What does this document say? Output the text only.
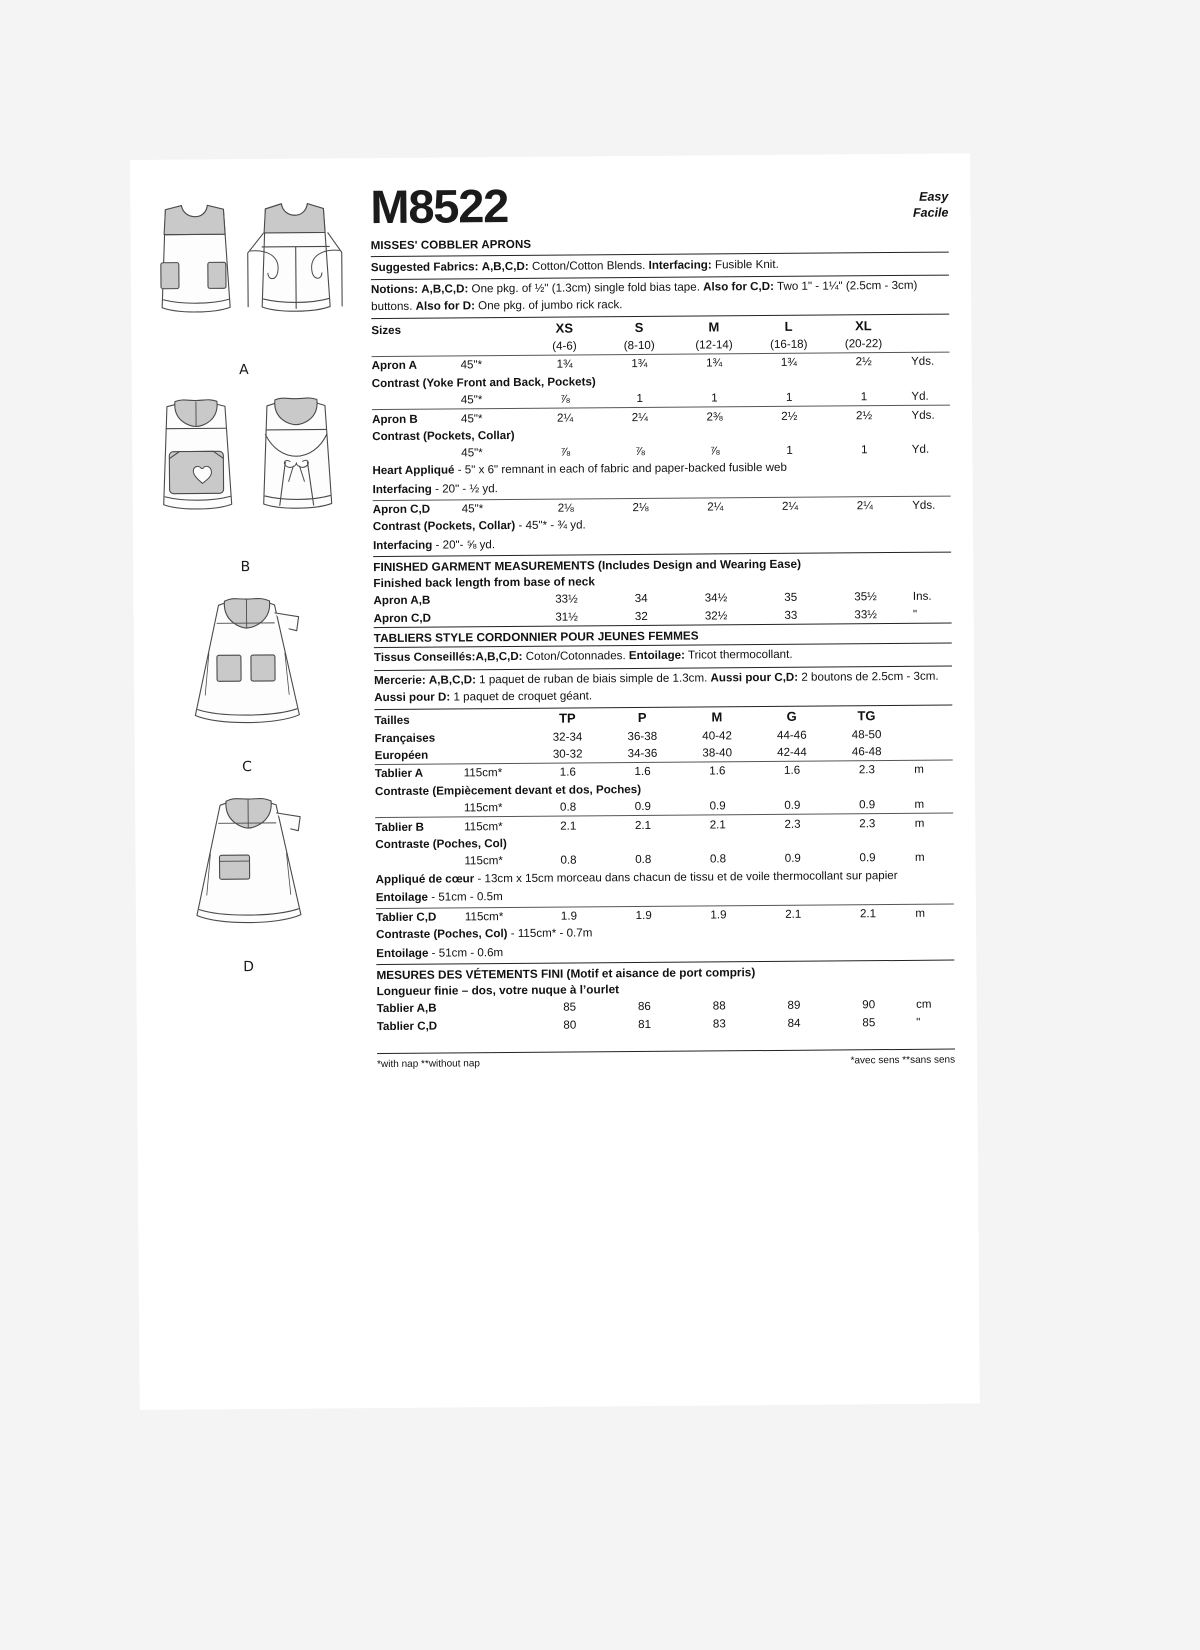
A
B
C
D
M8522	Easy
Facile
MISSES' COBBLER APRONS
Suggested Fabrics: A,B,C,D: Cotton/Cotton Blends. Interfacing: Fusible Knit.
Notions: A,B,C,D: One pkg. of ½" (1.3cm) single fold bias tape. Also for C,D: Two 1" - 1¼" (2.5cm - 3cm) buttons. Also for D: One pkg. of jumbo rick rack.
Sizes		XS	S	M	L	XL	
		(4-6)	(8-10)	(12-14)	(16-18)	(20-22)	
Apron A	45"*	1¾	1¾	1¾	1¾	2½	Yds.
Contrast (Yoke Front and Back, Pockets)							
	45"*	⅞	1	1	1	1	Yd.
Apron B	45"*	2¼	2¼	2⅜	2½	2½	Yds.
Contrast (Pockets, Collar)							
	45"*	⅞	⅞	⅞	1	1	Yd.
Heart Appliqué - 5" x 6" remnant in each of fabric and paper-backed fusible web
Interfacing - 20" - ½ yd.
Apron C,D	45"*	2⅛	2⅛	2¼	2¼	2¼	Yds.
Contrast (Pockets, Collar) - 45"* - ¾ yd.
Interfacing - 20"- ⅝ yd.
FINISHED GARMENT MEASUREMENTS (Includes Design and Wearing Ease)
Finished back length from base of neck
Apron A,B		33½	34	34½	35	35½	Ins.
Apron C,D		31½	32	32½	33	33½	"
TABLIERS STYLE CORDONNIER POUR JEUNES FEMMES
Tissus Conseillés:A,B,C,D: Coton/Cotonnades. Entoilage: Tricot thermocollant.
Mercerie: A,B,C,D: 1 paquet de ruban de biais simple de 1.3cm. Aussi pour C,D: 2 boutons de 2.5cm - 3cm. Aussi pour D: 1 paquet de croquet géant.
Tailles		TP	P	M	G	TG	
Françaises		32-34	36-38	40-42	44-46	48-50	
Européen		30-32	34-36	38-40	42-44	46-48	
Tablier A	115cm*	1.6	1.6	1.6	1.6	2.3	m
Contraste (Empiècement devant et dos, Poches)							
	115cm*	0.8	0.9	0.9	0.9	0.9	m
Tablier B	115cm*	2.1	2.1	2.1	2.3	2.3	m
Contraste (Poches, Col)							
	115cm*	0.8	0.8	0.8	0.9	0.9	m
Appliqué de cœur - 13cm x 15cm morceau dans chacun de tissu et de voile thermocollant sur papier
Entoilage - 51cm - 0.5m
Tablier C,D	115cm*	1.9	1.9	1.9	2.1	2.1	m
Contraste (Poches, Col) - 115cm* - 0.7m
Entoilage - 51cm - 0.6m
MESURES DES VÉTEMENTS FINI (Motif et aisance de port compris)
Longueur finie – dos, votre nuque à l’ourlet
Tablier A,B		85	86	88	89	90	cm
Tablier C,D		80	81	83	84	85	"
*with nap **without nap	*avec sens **sans sens
